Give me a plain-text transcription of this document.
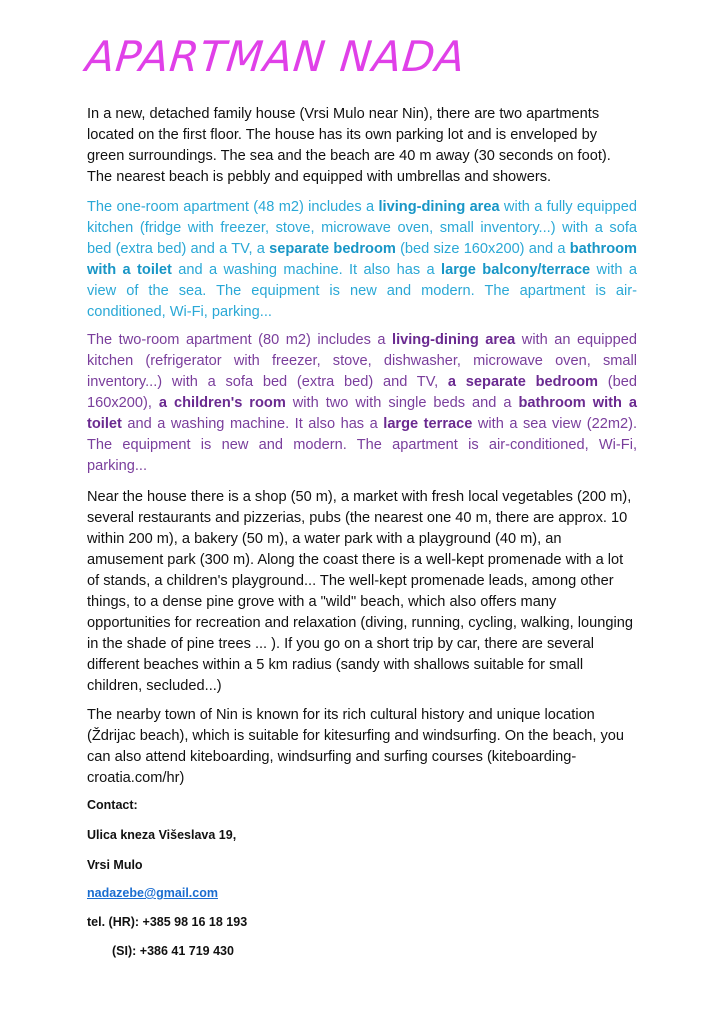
APARTMAN NADA

In a new, detached family house (Vrsi Mulo near Nin), there are two apartments located on the first floor. The house has its own parking lot and is enveloped by green surroundings. The sea and the beach are 40 m away (30 seconds on foot). The nearest beach is pebbly and equipped with umbrellas and showers.

The one-room apartment (48 m2) includes a living-dining area with a fully equipped kitchen (fridge with freezer, stove, microwave oven, small inventory...) with a sofa bed (extra bed) and a TV, a separate bedroom (bed size 160x200) and a bathroom with a toilet and a washing machine. It also has a large balcony/terrace with a view of the sea. The equipment is new and modern. The apartment is air-conditioned, Wi-Fi, parking...

The two-room apartment (80 m2) includes a living-dining area with an equipped kitchen (refrigerator with freezer, stove, dishwasher, microwave oven, small inventory...) with a sofa bed (extra bed) and TV, a separate bedroom (bed 160x200), a children's room with two with single beds and a bathroom with a toilet and a washing machine. It also has a large terrace with a sea view (22m2). The equipment is new and modern. The apartment is air-conditioned, Wi-Fi, parking...

Near the house there is a shop (50 m), a market with fresh local vegetables (200 m), several restaurants and pizzerias, pubs (the nearest one 40 m, there are approx. 10 within 200 m), a bakery (50 m), a water park with a playground (40 m), an amusement park (300 m). Along the coast there is a well-kept promenade with a lot of stands, a children's playground... The well-kept promenade leads, among other things, to a dense pine grove with a "wild" beach, which also offers many opportunities for recreation and relaxation (diving, running, cycling, walking, lounging in the shade of pine trees ... ). If you go on a short trip by car, there are several different beaches within a 5 km radius (sandy with shallows suitable for small children, secluded...)

The nearby town of Nin is known for its rich cultural history and unique location (Ždrijac beach), which is suitable for kitesurfing and windsurfing. On the beach, you can also attend kiteboarding, windsurfing and surfing courses (kiteboarding-croatia.com/hr)

Contact:
Ulica kneza Višeslava 19,
Vrsi Mulo
nadazebe@gmail.com
tel. (HR): +385 98 16 18 193
(SI): +386 41 719 430
